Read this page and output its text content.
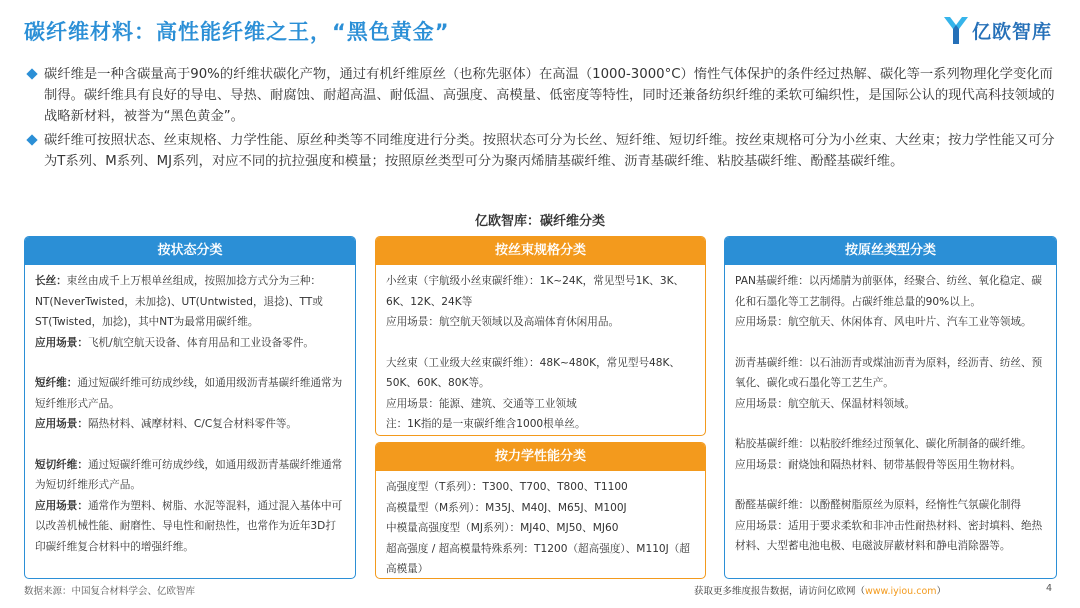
碳纤维材料：高性能纤维之王，“黑色黄金”	亿欧智库
碳纤维是一种含碳量高于90%的纤维状碳化产物，通过有机纤维原丝（也称先驱体）在高温（1000-3000°C）惰性气体保护的条件经过热解、碳化等一系列物理化学变化而制得。碳纤维具有良好的导电、导热、耐腐蚀、耐超高温、耐低温、高强度、高模量、低密度等特性，同时还兼备纺织纤维的柔软可编织性，是国际公认的现代高科技领域的战略新材料，被誉为“黑色黄金”。
碳纤维可按照状态、丝束规格、力学性能、原丝种类等不同维度进行分类。按照状态可分为长丝、短纤维、短切纤维。按丝束规格可分为小丝束、大丝束；按力学性能又可分为T系列、M系列、MJ系列，对应不同的抗拉强度和模量；按照原丝类型可分为聚丙烯腈基碳纤维、沥青基碳纤维、粘胶基碳纤维、酚醛基碳纤维。
亿欧智库：碳纤维分类
按状态分类

长丝：束丝由成千上万根单丝组成，按照加捻方式分为三种：NT(NeverTwisted，未加捻)、UT(Untwisted，退捻)、TT或ST(Twisted，加捻)，其中NT为最常用碳纤维。

应用场景：飞机/航空航天设备、体育用品和工业设备零件。

短纤维：通过短碳纤维可纺成纱线，如通用级沥青基碳纤维通常为短纤维形式产品。

应用场景：隔热材料、减摩材料、C/C复合材料零件等。

短切纤维：通过短碳纤维可纺成纱线，如通用级沥青基碳纤维通常为短切纤维形式产品。

应用场景：通常作为塑料、树脂、水泥等混料，通过混入基体中可以改善机械性能、耐磨性、导电性和耐热性，也常作为近年3D打印碳纤维复合材料中的增强纤维。

按丝束规格分类

小丝束（宇航级小丝束碳纤维）：1K~24K，常见型号1K、3K、6K、12K、24K等

应用场景：航空航天领域以及高端体育休闲用品。

大丝束（工业级大丝束碳纤维）：48K~480K，常见型号48K、50K、60K、80K等。

应用场景：能源、建筑、交通等工业领域

注：1K指的是一束碳纤维含1000根单丝。

按力学性能分类

高强度型（T系列）：T300、T700、T800、T1100

高模量型（M系列）：M35J、M40J、M65J、M100J

中模量高强度型（MJ系列）：MJ40、MJ50、MJ60

超高强度 / 超高模量特殊系列：T1200（超高强度）、M110J（超高模量）

按原丝类型分类

PAN基碳纤维：以丙烯腈为前驱体，经聚合、纺丝、氧化稳定、碳化和石墨化等工艺制得。占碳纤维总量的90%以上。

应用场景：航空航天、休闲体育、风电叶片、汽车工业等领域。

沥青基碳纤维：以石油沥青或煤油沥青为原料，经沥青、纺丝、预氧化、碳化或石墨化等工艺生产。

应用场景：航空航天、保温材料领域。

粘胶基碳纤维：以粘胶纤维经过预氧化、碳化所制备的碳纤维。

应用场景：耐烧蚀和隔热材料、韧带基假骨等医用生物材料。

酚醛基碳纤维：以酚醛树脂原丝为原料，经惰性气氛碳化制得

应用场景：适用于要求柔软和非冲击性耐热材料、密封填料、绝热材料、大型蓄电池电极、电磁波屏蔽材料和静电消除器等。

数据来源：中国复合材料学会、亿欧智库	获取更多维度报告数据，请访问亿欧网（www.iyiou.com）	4
